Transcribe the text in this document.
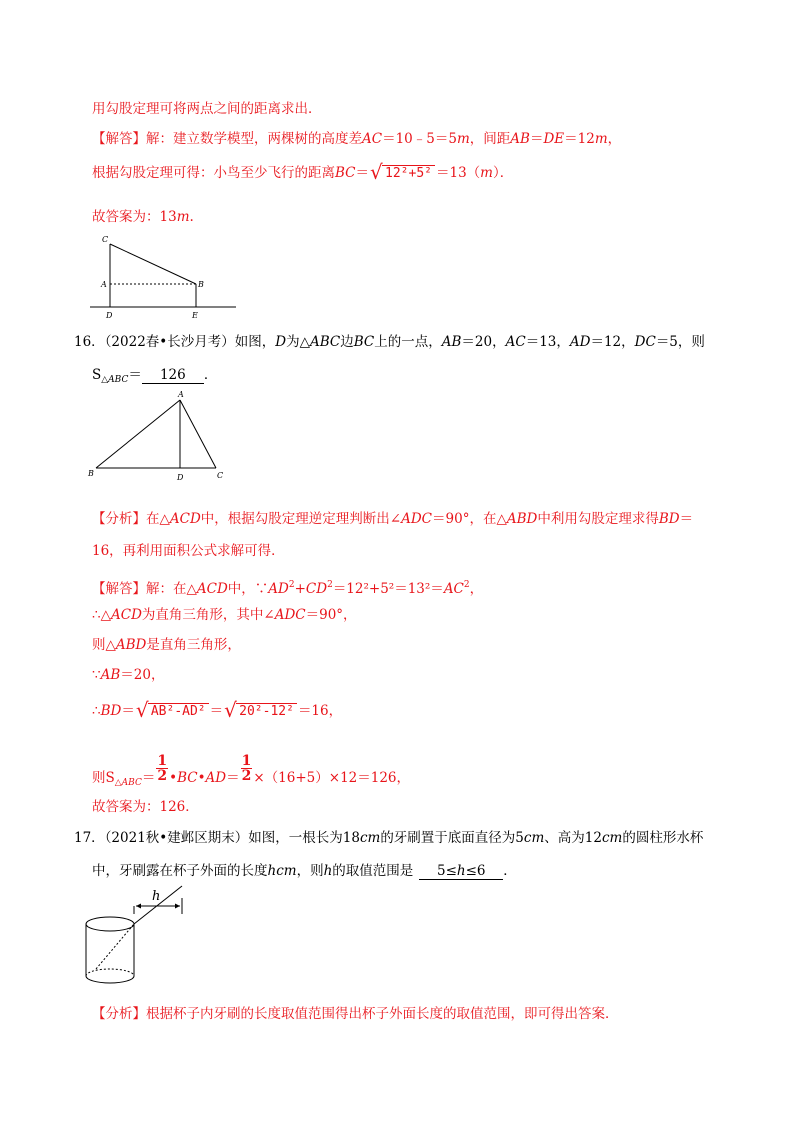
用勾股定理可将两点之间的距离求出．
【解答】解：建立数学模型，两棵树的高度差AC＝10﹣5＝5m，间距AB＝DE＝12m，
根据勾股定理可得：小鸟至少飞行的距离BC＝ √ 12²+5² ＝13（m）．
故答案为：13m.
C
A	B
D	E
16．（2022春•长沙月考）如图，D为△ABC边BC上的一点，AB＝20，AC＝13，AD＝12，DC＝5，则
$S_{\triangle ABC}= 126$ ．
A
B	D	C
【分析】在△ACD中，根据勾股定理逆定理判断出∠ADC＝90°，在△ABD中利用勾股定理求得BD＝
16，再利用面积公式求解可得．
【解答】解：在△ACD中，$\because AD^2+CD^2=12^2+5^2=13^2=AC^2$，
∴△ACD为直角三角形，其中∠ADC＝90°，
则△ABD是直角三角形，
∵AB＝20，
∴BD＝ √ AB²-AD² ＝ √ 20²-12² ＝16，
则$S_{\triangle ABC}= \frac{1}{2}$ •BC•AD＝ $\frac{1}{2} \times(16+5)\times 12=126$，
故答案为：126．
17．（2021秋•建邺区期末）如图，一根长为18cm的牙刷置于底面直径为5cm、高为12cm的圆柱形水杯
中，牙刷露在杯子外面的长度hcm，则h的取值范围是 5≤h≤6 ．
h
【分析】根据杯子内牙刷的长度取值范围得出杯子外面长度的取值范围，即可得出答案．
